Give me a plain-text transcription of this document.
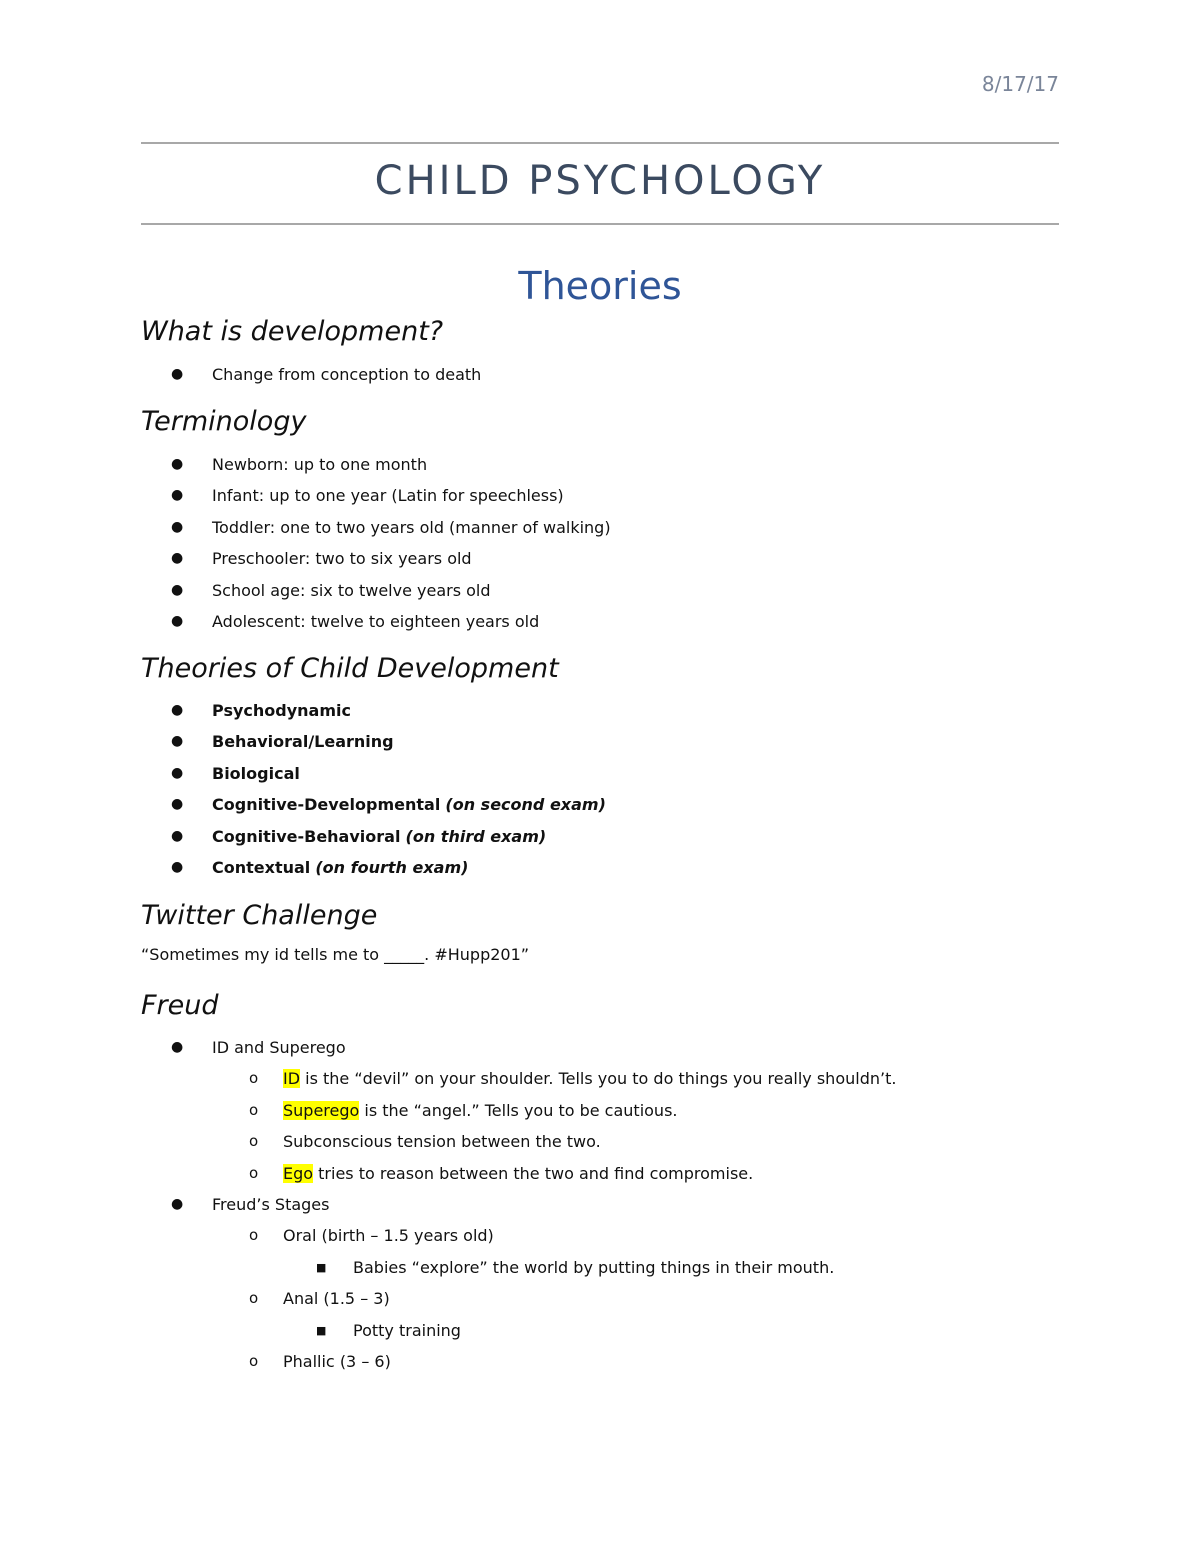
8/17/17
CHILD PSYCHOLOGY
Theories
What is development?
● Change from conception to death
Terminology
● Newborn: up to one month
● Infant: up to one year (Latin for speechless)
● Toddler: one to two years old (manner of walking)
● Preschooler: two to six years old
● School age: six to twelve years old
● Adolescent: twelve to eighteen years old
Theories of Child Development
● Psychodynamic
● Behavioral/Learning
● Biological
● Cognitive-Developmental (on second exam)
● Cognitive-Behavioral (on third exam)
● Contextual (on fourth exam)
Twitter Challenge
“Sometimes my id tells me to _____. #Hupp201”
Freud
● ID and Superego
o ID is the “devil” on your shoulder. Tells you to do things you really shouldn’t.
o Superego is the “angel.” Tells you to be cautious.
o Subconscious tension between the two.
o Ego tries to reason between the two and find compromise.
● Freud’s Stages
o Oral (birth – 1.5 years old)
■ Babies “explore” the world by putting things in their mouth.
o Anal (1.5 – 3)
■ Potty training
o Phallic (3 – 6)
